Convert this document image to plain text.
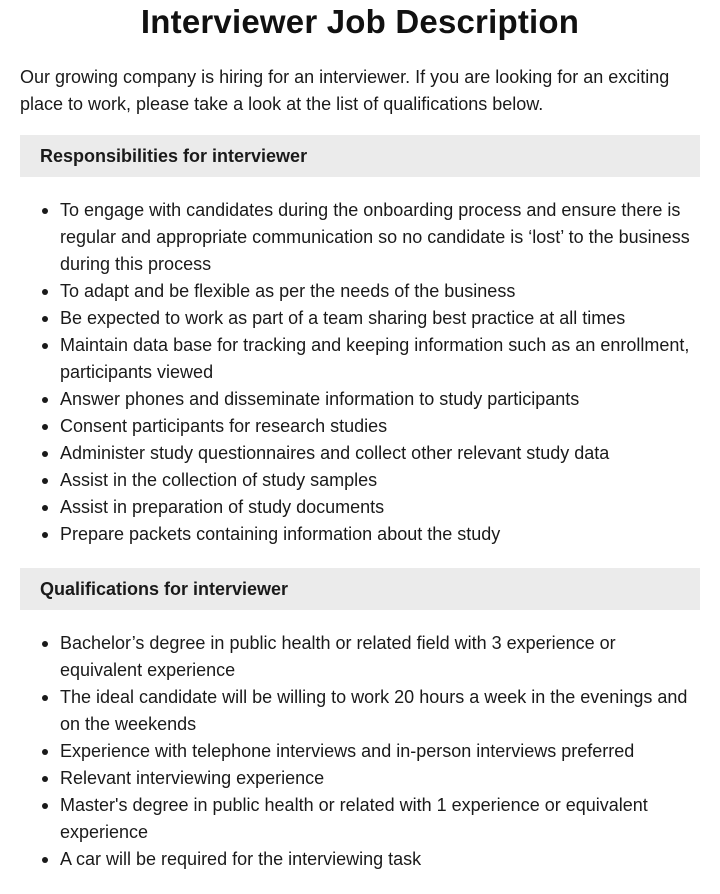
Interviewer Job Description

Our growing company is hiring for an interviewer. If you are looking for an exciting place to work, please take a look at the list of qualifications below.

Responsibilities for interviewer
To engage with candidates during the onboarding process and ensure there is regular and appropriate communication so no candidate is ‘lost’ to the business during this process
To adapt and be flexible as per the needs of the business
Be expected to work as part of a team sharing best practice at all times
Maintain data base for tracking and keeping information such as an enrollment, participants viewed
Answer phones and disseminate information to study participants
Consent participants for research studies
Administer study questionnaires and collect other relevant study data
Assist in the collection of study samples
Assist in preparation of study documents
Prepare packets containing information about the study
Qualifications for interviewer
Bachelor’s degree in public health or related field with 3 experience or equivalent experience
The ideal candidate will be willing to work 20 hours a week in the evenings and on the weekends
Experience with telephone interviews and in-person interviews preferred
Relevant interviewing experience
Master's degree in public health or related with 1 experience or equivalent experience
A car will be required for the interviewing task
